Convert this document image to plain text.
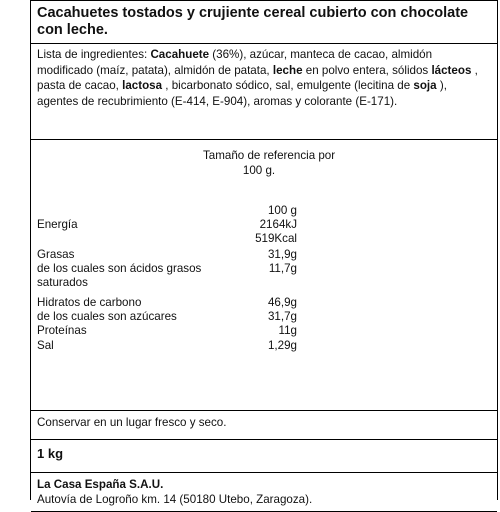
Cacahuetes tostados y crujiente cereal cubierto con chocolate con leche.
Lista de ingredientes: Cacahuete (36%), azúcar, manteca de cacao, almidón modificado (maíz, patata), almidón de patata, leche en polvo entera, sólidos lácteos , pasta de cacao, lactosa , bicarbonato sódico, sal, emulgente (lecitina de soja ), agentes de recubrimiento (E-414, E-904), aromas y colorante (E-171).
Tamaño de referencia por
100 g.
100 g
Energía	2164kJ
519Kcal
Grasas	31,9g
de los cuales son ácidos grasos	11,7g
saturados
Hidratos de carbono	46,9g
de los cuales son azúcares	31,7g
Proteínas	11g
Sal	1,29g
Conservar en un lugar fresco y seco.
1 kg
La Casa España S.A.U.
Autovía de Logroño km. 14 (50180 Utebo, Zaragoza).
